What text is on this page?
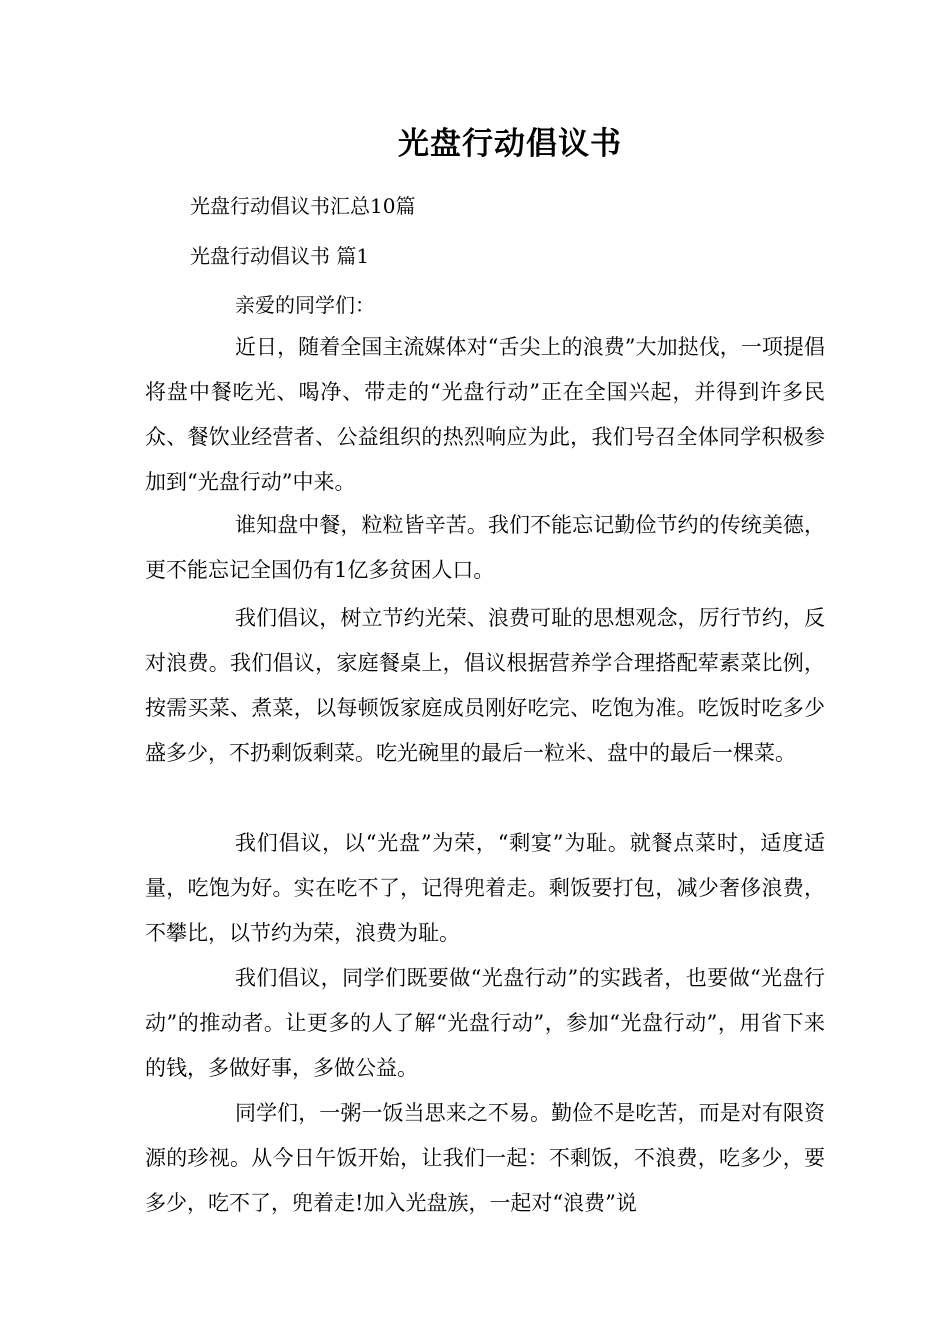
光盘行动倡议书
光盘行动倡议书汇总10篇
光盘行动倡议书 篇1
亲爱的同学们：

近日，随着全国主流媒体对“舌尖上的浪费”大加挞伐，一项提倡将盘中餐吃光、喝净、带走的“光盘行动”正在全国兴起，并得到许多民众、餐饮业经营者、公益组织的热烈响应为此，我们号召全体同学积极参加到“光盘行动”中来。

谁知盘中餐，粒粒皆辛苦。我们不能忘记勤俭节约的传统美德，更不能忘记全国仍有1亿多贫困人口。

我们倡议，树立节约光荣、浪费可耻的思想观念，厉行节约，反对浪费。我们倡议，家庭餐桌上，倡议根据营养学合理搭配荤素菜比例，按需买菜、煮菜，以每顿饭家庭成员刚好吃完、吃饱为准。吃饭时吃多少盛多少，不扔剩饭剩菜。吃光碗里的最后一粒米、盘中的最后一棵菜。

我们倡议，以“光盘”为荣，“剩宴”为耻。就餐点菜时，适度适量，吃饱为好。实在吃不了，记得兜着走。剩饭要打包，减少奢侈浪费，不攀比，以节约为荣，浪费为耻。

我们倡议，同学们既要做“光盘行动”的实践者，也要做“光盘行动”的推动者。让更多的人了解“光盘行动”，参加“光盘行动”，用省下来的钱，多做好事，多做公益。

同学们，一粥一饭当思来之不易。勤俭不是吃苦，而是对有限资源的珍视。从今日午饭开始，让我们一起：不剩饭，不浪费，吃多少，要多少，吃不了，兜着走!加入光盘族，一起对“浪费”说
